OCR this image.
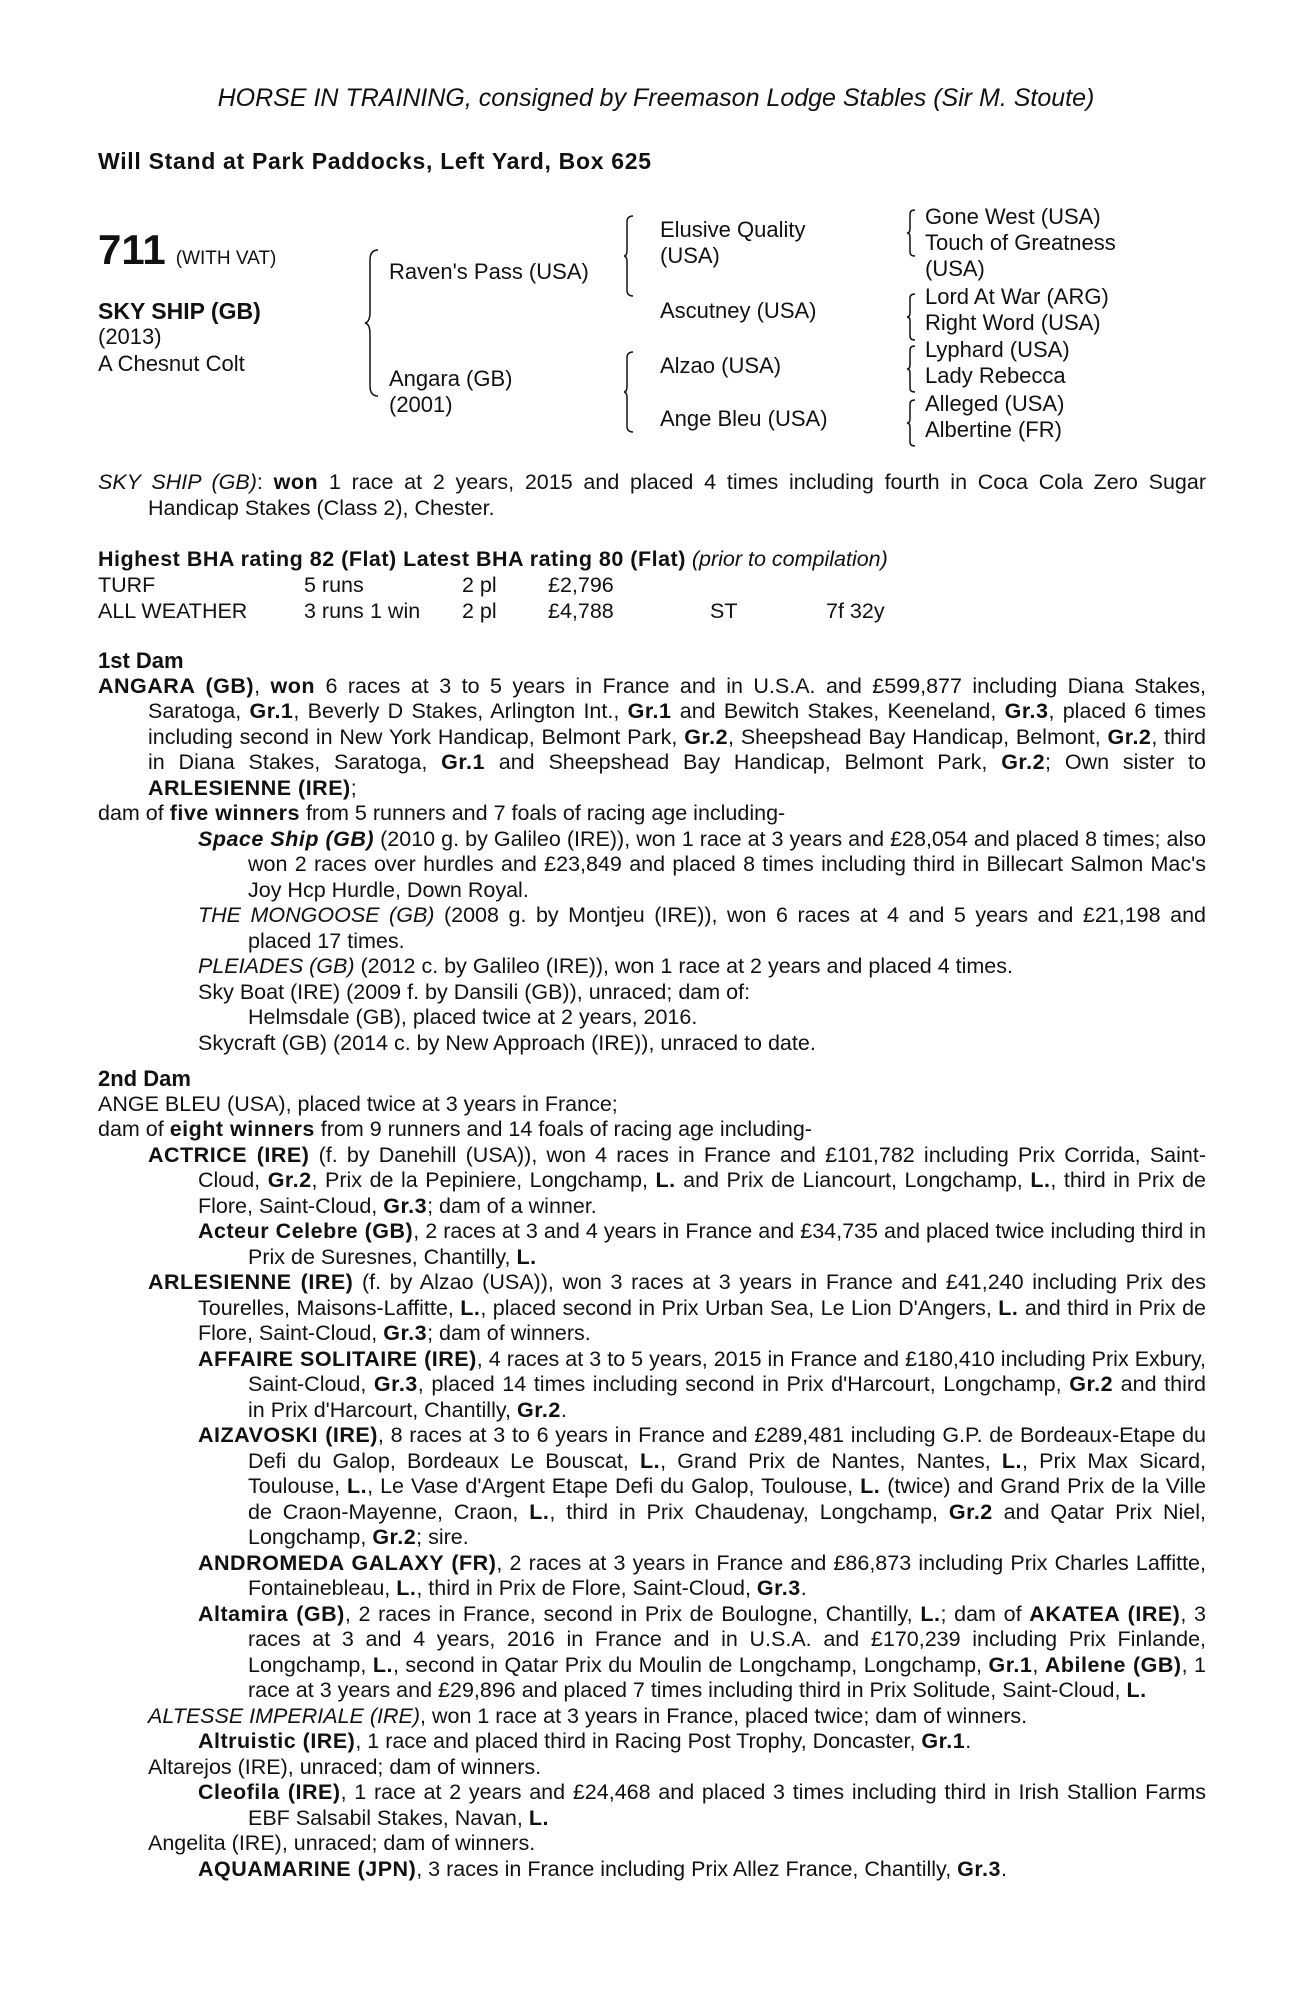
HORSE IN TRAINING, consigned by Freemason Lodge Stables (Sir M. Stoute)
Will Stand at Park Paddocks, Left Yard, Box 625
711 (WITH VAT)
SKY SHIP (GB)
(2013)
A Chesnut Colt
Raven's Pass (USA)
Angara (GB)
(2001)
Elusive Quality
(USA)
Ascutney (USA)
Alzao (USA)
Ange Bleu (USA)
Gone West (USA)
Touch of Greatness
(USA)
Lord At War (ARG)
Right Word (USA)
Lyphard (USA)
Lady Rebecca
Alleged (USA)
Albertine (FR)

SKY SHIP (GB): won 1 race at 2 years, 2015 and placed 4 times including fourth in Coca Cola Zero Sugar Handicap Stakes (Class 2), Chester.

Highest BHA rating 82 (Flat) Latest BHA rating 80 (Flat) (prior to compilation)

TURF	5 runs	2 pl £2,796
ALL WEATHER	3 runs 1 win 2 pl £4,788	ST	7f 32y

1st Dam

ANGARA (GB), won 6 races at 3 to 5 years in France and in U.S.A. and £599,877 including Diana Stakes, Saratoga, Gr.1, Beverly D Stakes, Arlington Int., Gr.1 and Bewitch Stakes, Keeneland, Gr.3, placed 6 times including second in New York Handicap, Belmont Park, Gr.2, Sheepshead Bay Handicap, Belmont, Gr.2, third in Diana Stakes, Saratoga, Gr.1 and Sheepshead Bay Handicap, Belmont Park, Gr.2; Own sister to ARLESIENNE (IRE);

dam of five winners from 5 runners and 7 foals of racing age including-

Space Ship (GB) (2010 g. by Galileo (IRE)), won 1 race at 3 years and £28,054 and placed 8 times; also won 2 races over hurdles and £23,849 and placed 8 times including third in Billecart Salmon Mac's Joy Hcp Hurdle, Down Royal.

THE MONGOOSE (GB) (2008 g. by Montjeu (IRE)), won 6 races at 4 and 5 years and £21,198 and placed 17 times.

PLEIADES (GB) (2012 c. by Galileo (IRE)), won 1 race at 2 years and placed 4 times.

Sky Boat (IRE) (2009 f. by Dansili (GB)), unraced; dam of:

Helmsdale (GB), placed twice at 2 years, 2016.

Skycraft (GB) (2014 c. by New Approach (IRE)), unraced to date.

2nd Dam

ANGE BLEU (USA), placed twice at 3 years in France;

dam of eight winners from 9 runners and 14 foals of racing age including-

ACTRICE (IRE) (f. by Danehill (USA)), won 4 races in France and £101,782 including Prix Corrida, Saint-Cloud, Gr.2, Prix de la Pepiniere, Longchamp, L. and Prix de Liancourt, Longchamp, L., third in Prix de Flore, Saint-Cloud, Gr.3; dam of a winner.

Acteur Celebre (GB), 2 races at 3 and 4 years in France and £34,735 and placed twice including third in Prix de Suresnes, Chantilly, L.

ARLESIENNE (IRE) (f. by Alzao (USA)), won 3 races at 3 years in France and £41,240 including Prix des Tourelles, Maisons-Laffitte, L., placed second in Prix Urban Sea, Le Lion D'Angers, L. and third in Prix de Flore, Saint-Cloud, Gr.3; dam of winners.

AFFAIRE SOLITAIRE (IRE), 4 races at 3 to 5 years, 2015 in France and £180,410 including Prix Exbury, Saint-Cloud, Gr.3, placed 14 times including second in Prix d'Harcourt, Longchamp, Gr.2 and third in Prix d'Harcourt, Chantilly, Gr.2.

AIZAVOSKI (IRE), 8 races at 3 to 6 years in France and £289,481 including G.P. de Bordeaux-Etape du Defi du Galop, Bordeaux Le Bouscat, L., Grand Prix de Nantes, Nantes, L., Prix Max Sicard, Toulouse, L., Le Vase d'Argent Etape Defi du Galop, Toulouse, L. (twice) and Grand Prix de la Ville de Craon-Mayenne, Craon, L., third in Prix Chaudenay, Longchamp, Gr.2 and Qatar Prix Niel, Longchamp, Gr.2; sire.

ANDROMEDA GALAXY (FR), 2 races at 3 years in France and £86,873 including Prix Charles Laffitte, Fontainebleau, L., third in Prix de Flore, Saint-Cloud, Gr.3.

Altamira (GB), 2 races in France, second in Prix de Boulogne, Chantilly, L.; dam of AKATEA (IRE), 3 races at 3 and 4 years, 2016 in France and in U.S.A. and £170,239 including Prix Finlande, Longchamp, L., second in Qatar Prix du Moulin de Longchamp, Longchamp, Gr.1, Abilene (GB), 1 race at 3 years and £29,896 and placed 7 times including third in Prix Solitude, Saint-Cloud, L.

ALTESSE IMPERIALE (IRE), won 1 race at 3 years in France, placed twice; dam of winners.

Altruistic (IRE), 1 race and placed third in Racing Post Trophy, Doncaster, Gr.1.

Altarejos (IRE), unraced; dam of winners.

Cleofila (IRE), 1 race at 2 years and £24,468 and placed 3 times including third in Irish Stallion Farms EBF Salsabil Stakes, Navan, L.

Angelita (IRE), unraced; dam of winners.

AQUAMARINE (JPN), 3 races in France including Prix Allez France, Chantilly, Gr.3.
